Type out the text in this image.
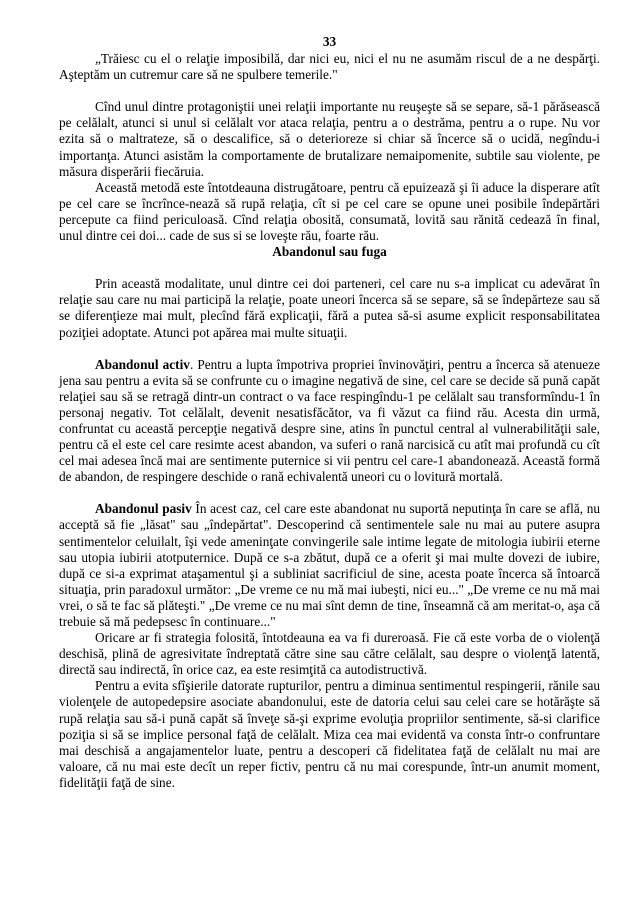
33

„Trăiesc cu el o relaţie imposibilă, dar nici eu, nici el nu ne asumăm riscul de a ne despărţi. Aşteptăm un cutremur care să ne spulbere temerile."

Cînd unul dintre protagoniştii unei relaţii importante nu reuşeşte să se separe, să-1 părăsească pe celălalt, atunci si unul si celălalt vor ataca relaţia, pentru a o destrăma, pentru a o rupe. Nu vor ezita să o maltrateze, să o descalifice, să o deterioreze si chiar să încerce să o ucidă, negîndu-i importanţa. Atunci asistăm la comportamente de brutalizare nemaipomenite, subtile sau violente, pe măsura disperării fiecăruia.

Această metodă este întotdeauna distrugătoare, pentru că epuizează şi îi aduce la disperare atît pe cel care se încrînce-nează să rupă relaţia, cît si pe cel care se opune unei posibile îndepărtări percepute ca fiind periculoasă. Cînd relaţia obosită, consumată, lovită sau rănită cedează în final, unul dintre cei doi... cade de sus si se loveşte rău, foarte rău.

Abandonul sau fuga

Prin această modalitate, unul dintre cei doi parteneri, cel care nu s-a implicat cu adevărat în relaţie sau care nu mai participă la relaţie, poate uneori încerca să se separe, să se îndepărteze sau să se diferenţieze mai mult, plecînd fără explicaţii, fără a putea să-si asume explicit responsabilitatea poziţiei adoptate. Atunci pot apărea mai multe situaţii.

Abandonul activ. Pentru a lupta împotriva propriei învinovăţiri, pentru a încerca să atenueze jena sau pentru a evita să se confrunte cu o imagine negativă de sine, cel care se decide să pună capăt relaţiei sau să se retragă dintr-un contract o va face respingîndu-1 pe celălalt sau transformîndu-1 în personaj negativ. Tot celălalt, devenit nesatisfăcător, va fi văzut ca fiind rău. Acesta din urmă, confruntat cu această percepţie negativă despre sine, atins în punctul central al vulnerabilităţii sale, pentru că el este cel care resimte acest abandon, va suferi o rană narcisică cu atît mai profundă cu cît cel mai adesea încă mai are sentimente puternice si vii pentru cel care-1 abandonează. Această formă de abandon, de respingere deschide o rană echivalentă uneori cu o lovitură mortală.

Abandonul pasiv În acest caz, cel care este abandonat nu suportă neputinţa în care se află, nu acceptă să fie „lăsat" sau „îndepărtat". Descoperind că sentimentele sale nu mai au putere asupra sentimentelor celuilalt, îşi vede ameninţate convingerile sale intime legate de mitologia iubirii eterne sau utopia iubirii atotputernice. După ce s-a zbătut, după ce a oferit şi mai multe dovezi de iubire, după ce si-a exprimat ataşamentul şi a subliniat sacrificiul de sine, acesta poate încerca să întoarcă situaţia, prin paradoxul următor: „De vreme ce nu mă mai iubeşti, nici eu..." „De vreme ce nu mă mai vrei, o să te fac să plăteşti." „De vreme ce nu mai sînt demn de tine, înseamnă că am meritat-o, aşa că trebuie să mă pedepsesc în continuare..."

Oricare ar fi strategia folosită, întotdeauna ea va fi dureroasă. Fie că este vorba de o violenţă deschisă, plină de agresivitate îndreptată către sine sau către celălalt, sau despre o violenţă latentă, directă sau indirectă, în orice caz, ea este resimţită ca autodistructivă.

Pentru a evita sfîşierile datorate rupturilor, pentru a diminua sentimentul respingerii, rănile sau violenţele de autopedepsire asociate abandonului, este de datoria celui sau celei care se hotărăşte să rupă relaţia sau să-i pună capăt să înveţe să-şi exprime evoluţia propriilor sentimente, să-si clarifice poziţia si să se implice personal faţă de celălalt. Miza cea mai evidentă va consta într-o confruntare mai deschisă a angajamentelor luate, pentru a descoperi că fidelitatea faţă de celălalt nu mai are valoare, că nu mai este decît un reper fictiv, pentru că nu mai corespunde, într-un anumit moment, fidelităţii faţă de sine.
